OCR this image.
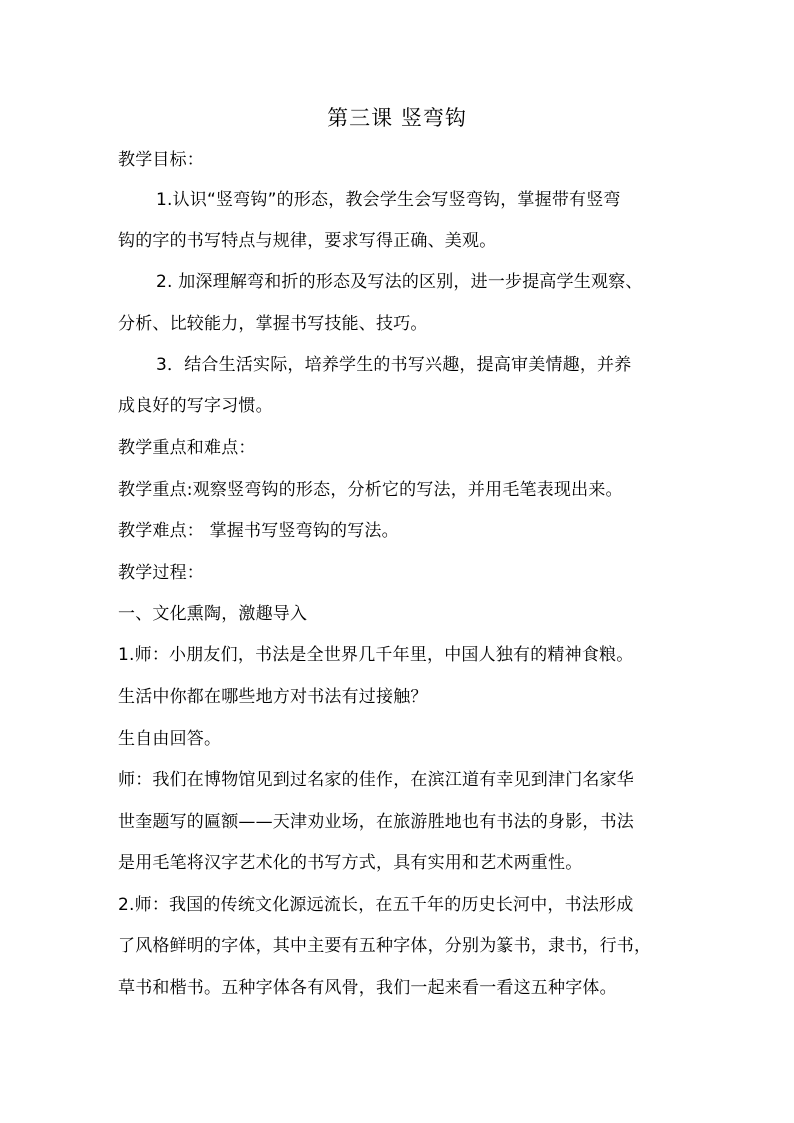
第三课 竖弯钩
教学目标：
1.认识“竖弯钩”的形态，教会学生会写竖弯钩，掌握带有竖弯
钩的字的书写特点与规律，要求写得正确、美观。
2. 加深理解弯和折的形态及写法的区别，进一步提高学生观察、
分析、比较能力，掌握书写技能、技巧。
3．结合生活实际，培养学生的书写兴趣，提高审美情趣，并养
成良好的写字习惯。
教学重点和难点：
教学重点:观察竖弯钩的形态，分析它的写法，并用毛笔表现出来。
教学难点： 掌握书写竖弯钩的写法。
教学过程：
一、文化熏陶，激趣导入
1.师：小朋友们，书法是全世界几千年里，中国人独有的精神食粮。
生活中你都在哪些地方对书法有过接触？
生自由回答。
师：我们在博物馆见到过名家的佳作，在滨江道有幸见到津门名家华
世奎题写的匾额——天津劝业场，在旅游胜地也有书法的身影，书法
是用毛笔将汉字艺术化的书写方式，具有实用和艺术两重性。
2.师：我国的传统文化源远流长，在五千年的历史长河中，书法形成
了风格鲜明的字体，其中主要有五种字体，分别为篆书，隶书，行书，
草书和楷书。五种字体各有风骨，我们一起来看一看这五种字体。
